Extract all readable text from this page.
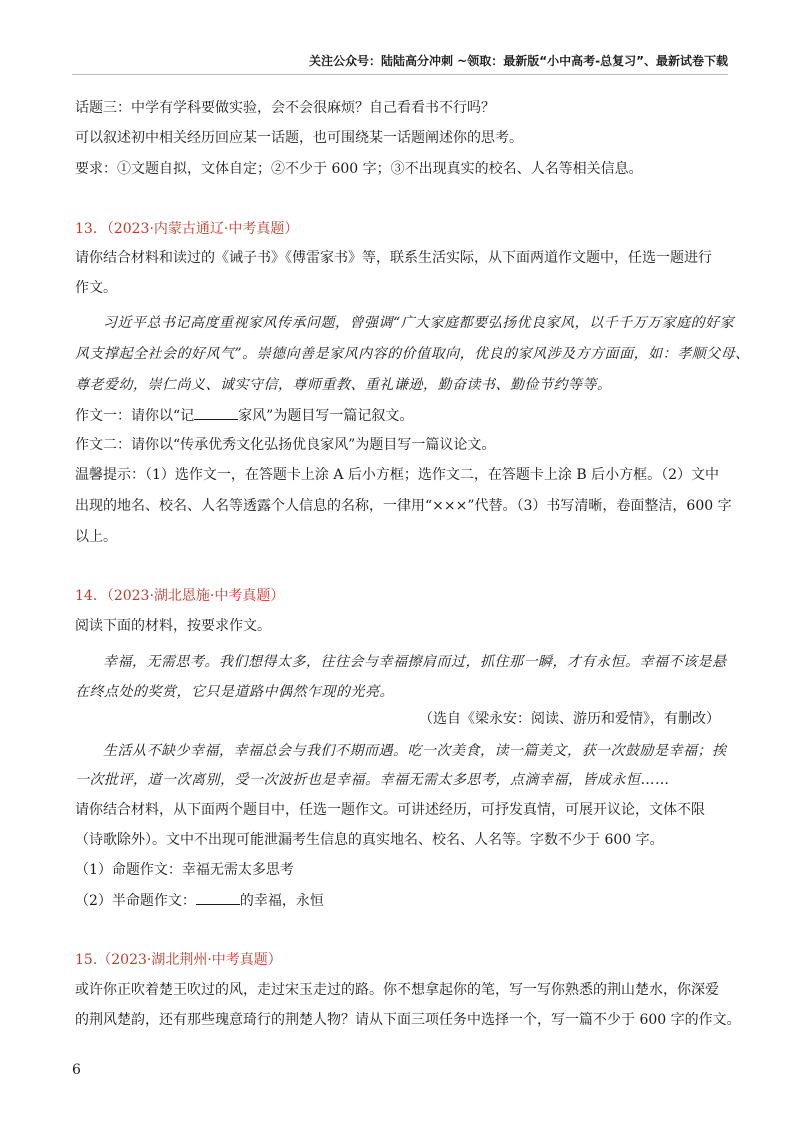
关注公众号：陆陆高分冲刺 ~领取：最新版“小中高考-总复习”、最新试卷下载
话题三：中学有学科要做实验，会不会很麻烦？自己看看书不行吗？
可以叙述初中相关经历回应某一话题，也可围绕某一话题阐述你的思考。
要求：①文题自拟，文体自定；②不少于 600 字；③不出现真实的校名、人名等相关信息。
13．（2023·内蒙古通辽·中考真题）
请你结合材料和读过的《诫子书》《傅雷家书》等，联系生活实际，从下面两道作文题中，任选一题进行
作文。
习近平总书记高度重视家风传承问题，曾强调“广大家庭都要弘扬优良家风，以千千万万家庭的好家
风支撑起全社会的好风气”。崇德向善是家风内容的价值取向，优良的家风涉及方方面面，如：孝顺父母、
尊老爱幼，崇仁尚义、诚实守信，尊师重教、重礼谦逊，勤奋读书、勤俭节约等等。
作文一：请你以“记	家风”为题目写一篇记叙文。
作文二：请你以“传承优秀文化弘扬优良家风”为题目写一篇议论文。
温馨提示：（1）选作文一，在答题卡上涂 A 后小方框；选作文二，在答题卡上涂 B 后小方框。（2）文中
出现的地名、校名、人名等透露个人信息的名称，一律用“×××”代替。（3）书写清晰，卷面整洁，600 字
以上。
14．（2023·湖北恩施·中考真题）
阅读下面的材料，按要求作文。
幸福，无需思考。我们想得太多，往往会与幸福擦肩而过，抓住那一瞬，才有永恒。幸福不该是悬
在终点处的奖赏，它只是道路中偶然乍现的光亮。
（选自《梁永安：阅读、游历和爱情》，有删改）
生活从不缺少幸福，幸福总会与我们不期而遇。吃一次美食，读一篇美文，获一次鼓励是幸福；挨
一次批评，道一次离别，受一次波折也是幸福。幸福无需太多思考，点滴幸福，皆成永恒……
请你结合材料，从下面两个题目中，任选一题作文。可讲述经历，可抒发真情，可展开议论，文体不限
（诗歌除外）。文中不出现可能泄漏考生信息的真实地名、校名、人名等。字数不少于 600 字。
（1）命题作文：幸福无需太多思考
（2）半命题作文：	的幸福，永恒
15.（2023·湖北荆州·中考真题）
或许你正吹着楚王吹过的风，走过宋玉走过的路。你不想拿起你的笔，写一写你熟悉的荆山楚水，你深爱
的荆风楚韵，还有那些瑰意琦行的荆楚人物？请从下面三项任务中选择一个，写一篇不少于 600 字的作文。
6
